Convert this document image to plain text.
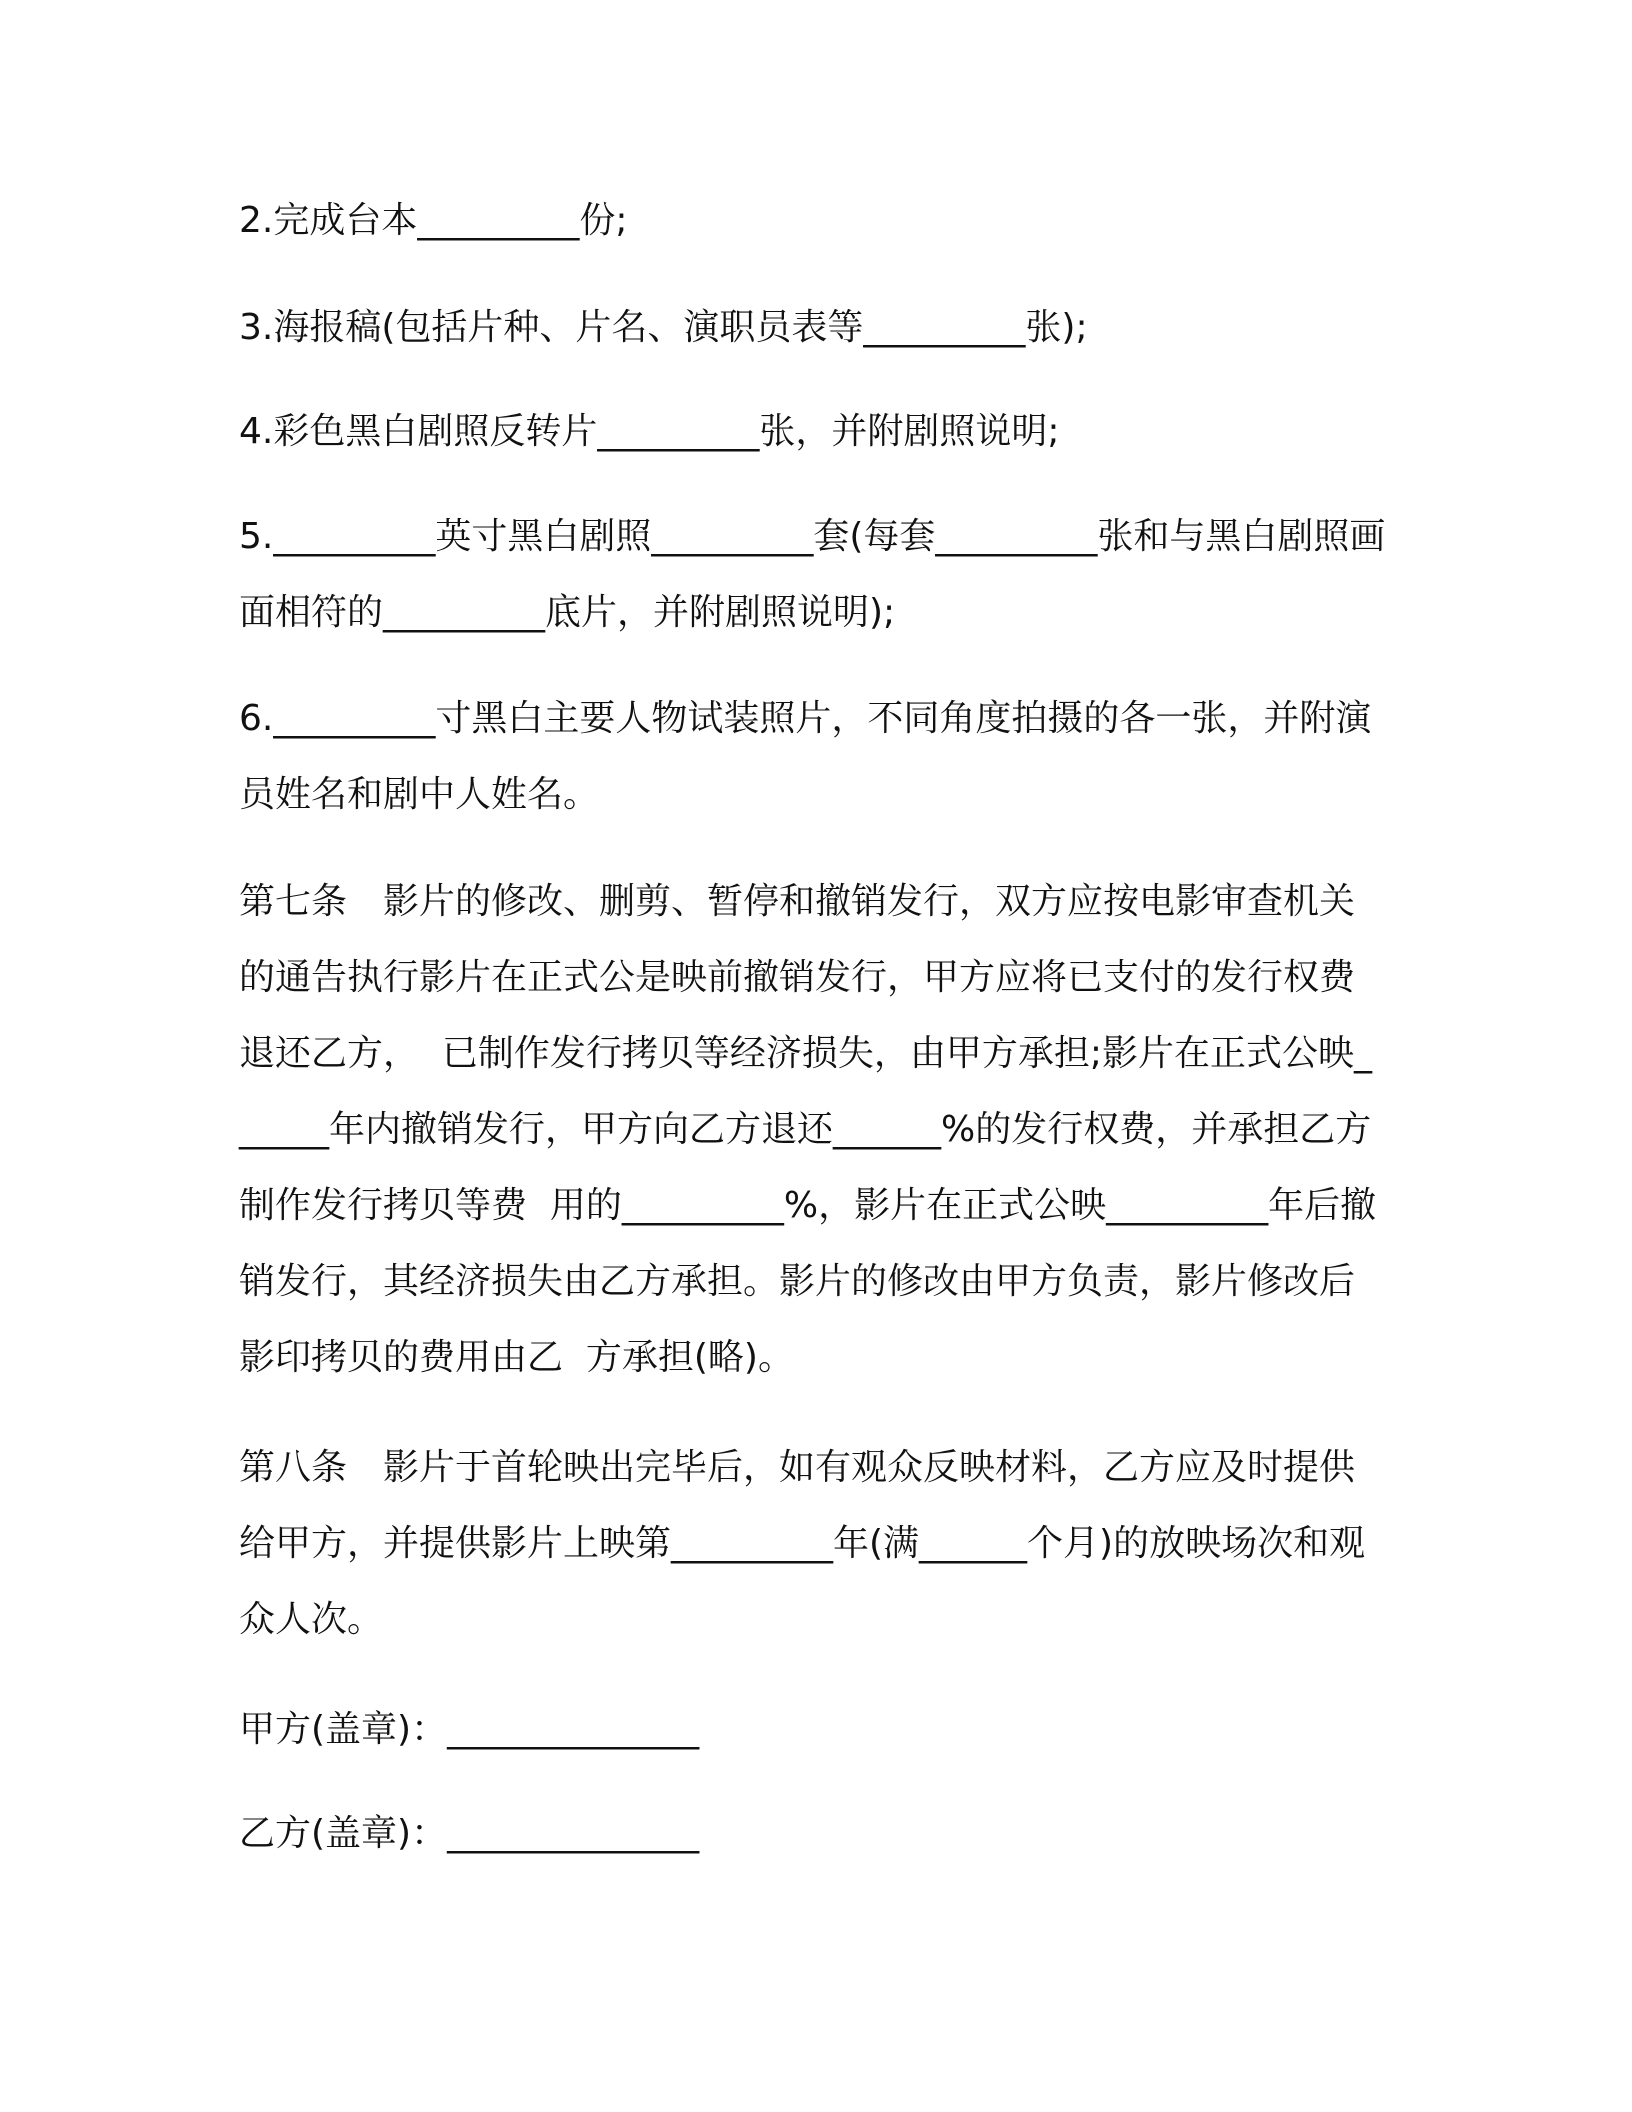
2.完成台本_________份;

3.海报稿(包括片种、片名、演职员表等_________张);

4.彩色黑白剧照反转片_________张，并附剧照说明;

5._________英寸黑白剧照_________套(每套_________张和与黑白剧照画面相符的_________底片，并附剧照说明);

6._________寸黑白主要人物试装照片，不同角度拍摄的各一张，并附演员姓名和剧中人姓名。

第七条　影片的修改、删剪、暂停和撤销发行，双方应按电影审查机关的通告执行影片在正式公是映前撤销发行，甲方应将已支付的发行权费退还乙方，  已制作发行拷贝等经济损失，由甲方承担;影片在正式公映______年内撤销发行，甲方向乙方退还______%的发行权费，并承担乙方制作发行拷贝等费  用的_________%，影片在正式公映_________年后撤销发行，其经济损失由乙方承担。影片的修改由甲方负责，影片修改后影印拷贝的费用由乙  方承担(略)。

第八条　影片于首轮映出完毕后，如有观众反映材料，乙方应及时提供给甲方，并提供影片上映第_________年(满______个月)的放映场次和观众人次。

甲方(盖章)：______________

乙方(盖章)：______________
